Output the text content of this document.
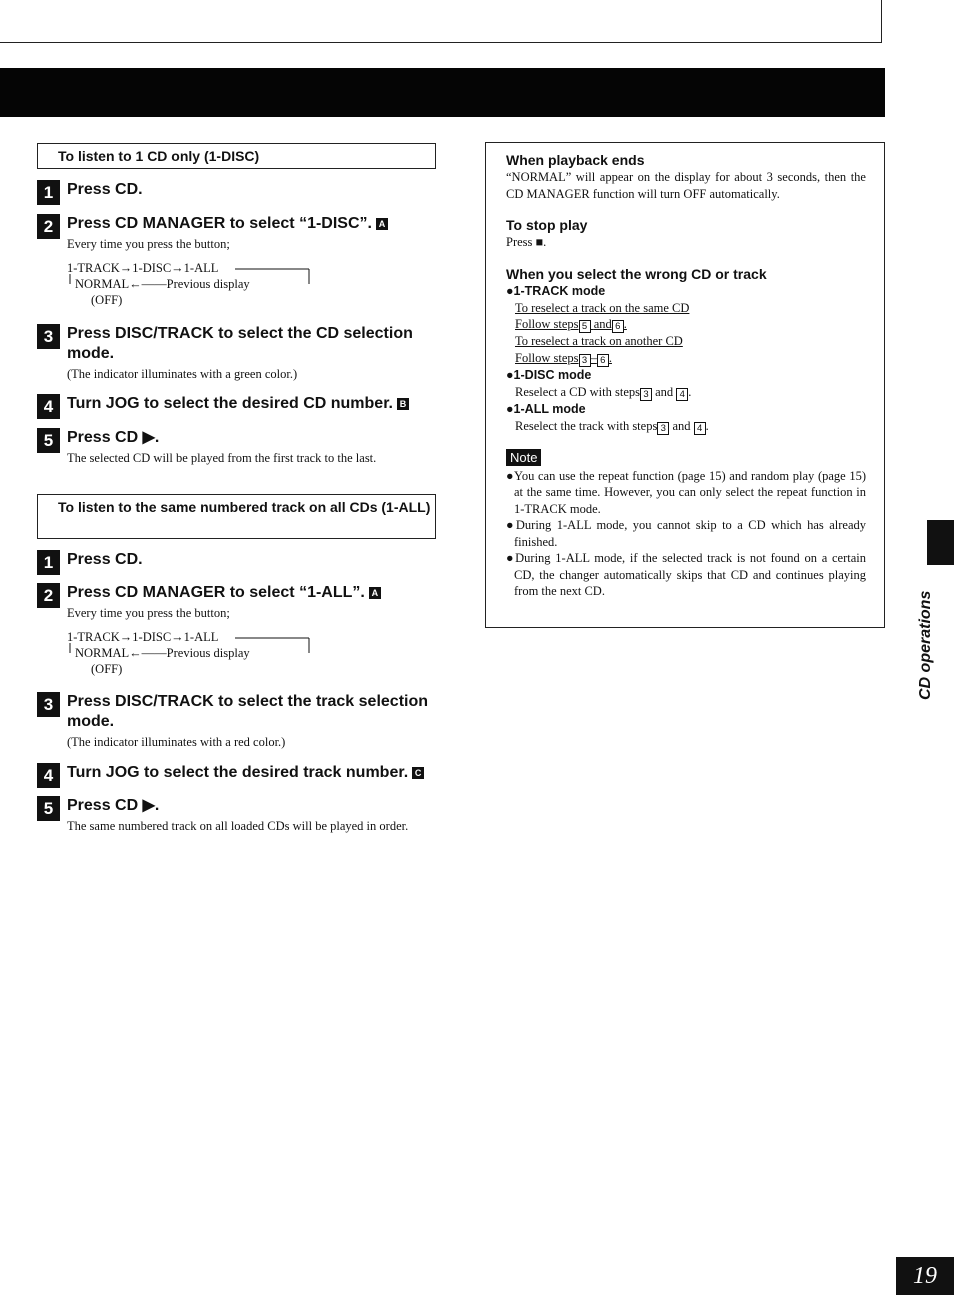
To listen to 1 CD only (1-DISC)
1 Press CD.
2 Press CD MANAGER to select “1-DISC”. A
Every time you press the button;
1-TRACK→1-DISC→1-ALL
NORMAL←——Previous display
(OFF)
3 Press DISC/TRACK to select the CD selection mode.
(The indicator illuminates with a green color.)
4 Turn JOG to select the desired CD number. B
5 Press CD ▶.
The selected CD will be played from the first track to the last.
To listen to the same numbered track on all CDs (1-ALL)
1 Press CD.
2 Press CD MANAGER to select “1-ALL”. A
Every time you press the button;
1-TRACK→1-DISC→1-ALL
NORMAL←——Previous display
(OFF)
3 Press DISC/TRACK to select the track selection mode.
(The indicator illuminates with a red color.)
4 Turn JOG to select the desired track number. C
5 Press CD ▶.
The same numbered track on all loaded CDs will be played in order.
When playback ends
“NORMAL” will appear on the display for about 3 seconds, then the CD MANAGER function will turn OFF automatically.
To stop play
Press ■.
When you select the wrong CD or track
●1-TRACK mode
To reselect a track on the same CD
Follow steps 5 and 6 .
To reselect a track on another CD
Follow steps 3 – 6 .
●1-DISC mode
Reselect a CD with steps 3 and 4 .
●1-ALL mode
Reselect the track with steps 3 and 4 .
Note
●You can use the repeat function (page 15) and random play (page 15) at the same time. However, you can only select the repeat function in 1-TRACK mode.
●During 1-ALL mode, you cannot skip to a CD which has already finished.
●During 1-ALL mode, if the selected track is not found on a certain CD, the changer automatically skips that CD and continues playing from the next CD.	CD operations
19
